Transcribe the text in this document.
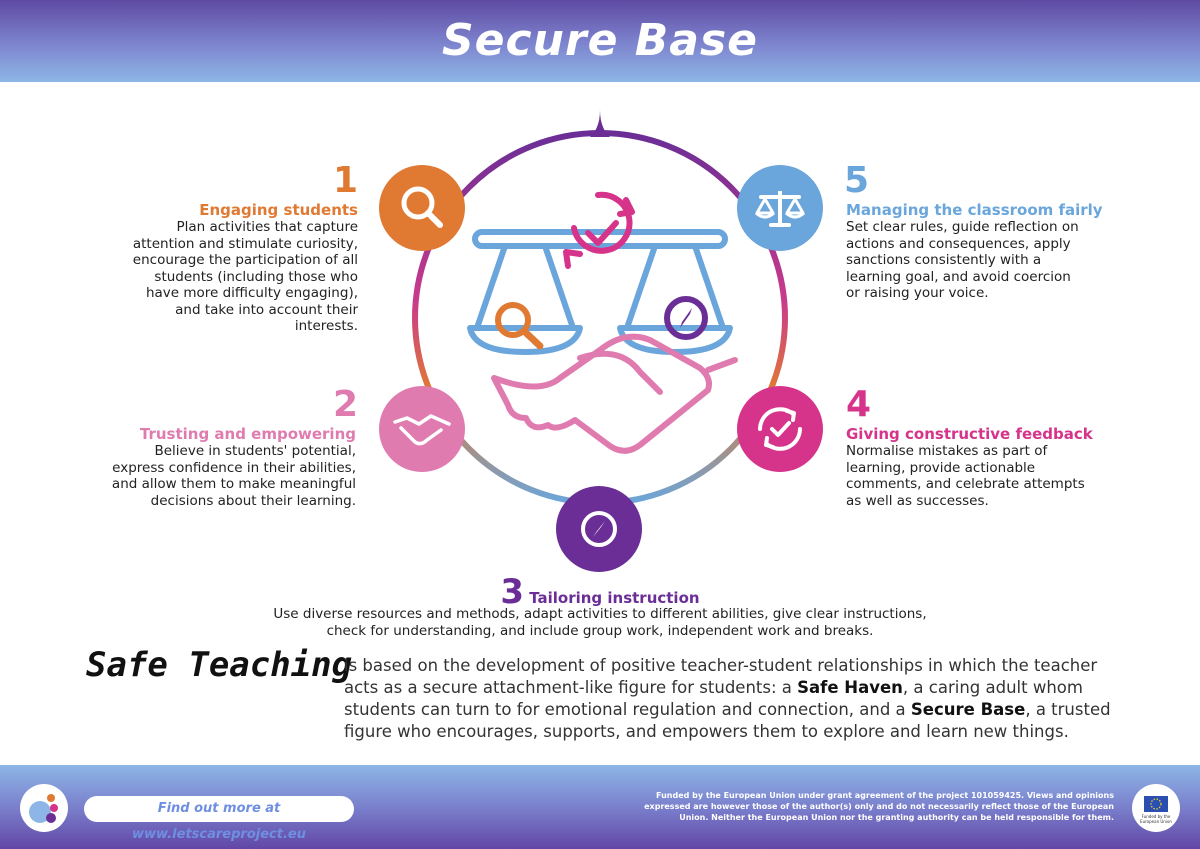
Secure Base
1
Engaging students
Plan activities that capture attention and stimulate curiosity, encourage the participation of all students (including those who have more difficulty engaging), and take into account their interests.
2
Trusting and empowering
Believe in students' potential, express confidence in their abilities, and allow them to make meaningful decisions about their learning.
3 Tailoring instruction
Use diverse resources and methods, adapt activities to different abilities, give clear instructions, check for understanding, and include group work, independent work and breaks.
4
Giving constructive feedback
Normalise mistakes as part of learning, provide actionable comments, and celebrate attempts as well as successes.
5
Managing the classroom fairly
Set clear rules, guide reflection on actions and consequences, apply sanctions consistently with a learning goal, and avoid coercion or raising your voice.
Safe Teaching
is based on the development of positive teacher-student relationships in which the teacher acts as a secure attachment-like figure for students: a Safe Haven, a caring adult whom students can turn to for emotional regulation and connection, and a Secure Base, a trusted figure who encourages, supports, and empowers them to explore and learn new things.
Find out more at www.letscareproject.eu
Funded by the European Union under grant agreement of the project 101059425. Views and opinions expressed are however those of the author(s) only and do not necessarily reflect those of the European Union. Neither the European Union nor the granting authority can be held responsible for them.	Funded by the European Union
